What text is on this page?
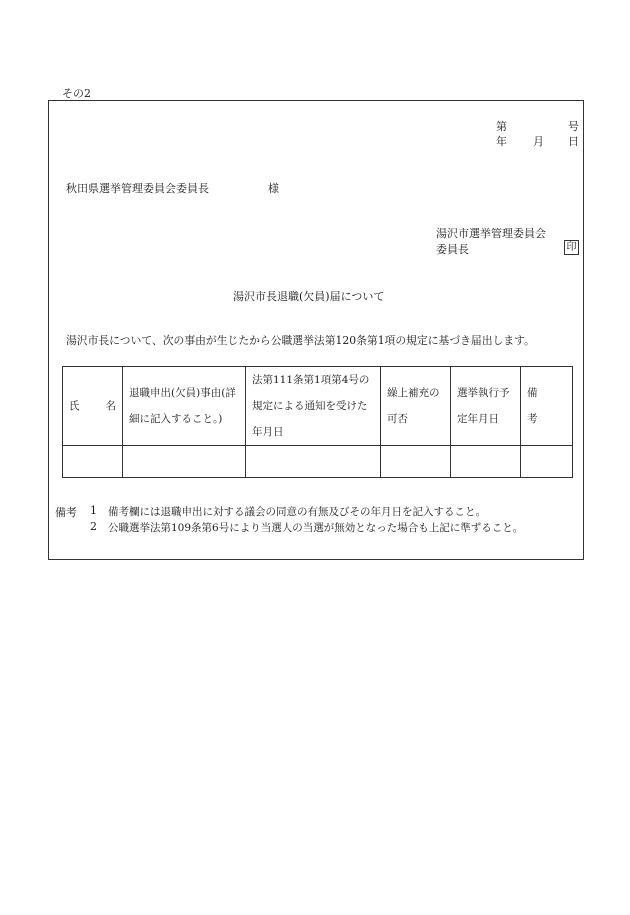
その2
第	号
年 月 日
秋田県選挙管理委員会委員長	様
湯沢市選挙管理委員会
委員長	印
湯沢市長退職(欠員)届について
湯沢市長について、次の事由が生じたから公職選挙法第120条第1項の規定に基づき届出します。
氏　　名	退職申出(欠員)事由(詳細に記入すること。)	法第111条第1項第4号の規定による通知を受けた年月日	繰上補充の可否	選挙執行予定年月日	備　　考

備考 1 備考欄には退職申出に対する議会の同意の有無及びその年月日を記入すること。
2 公職選挙法第109条第6号により当選人の当選が無効となった場合も上記に準ずること。
